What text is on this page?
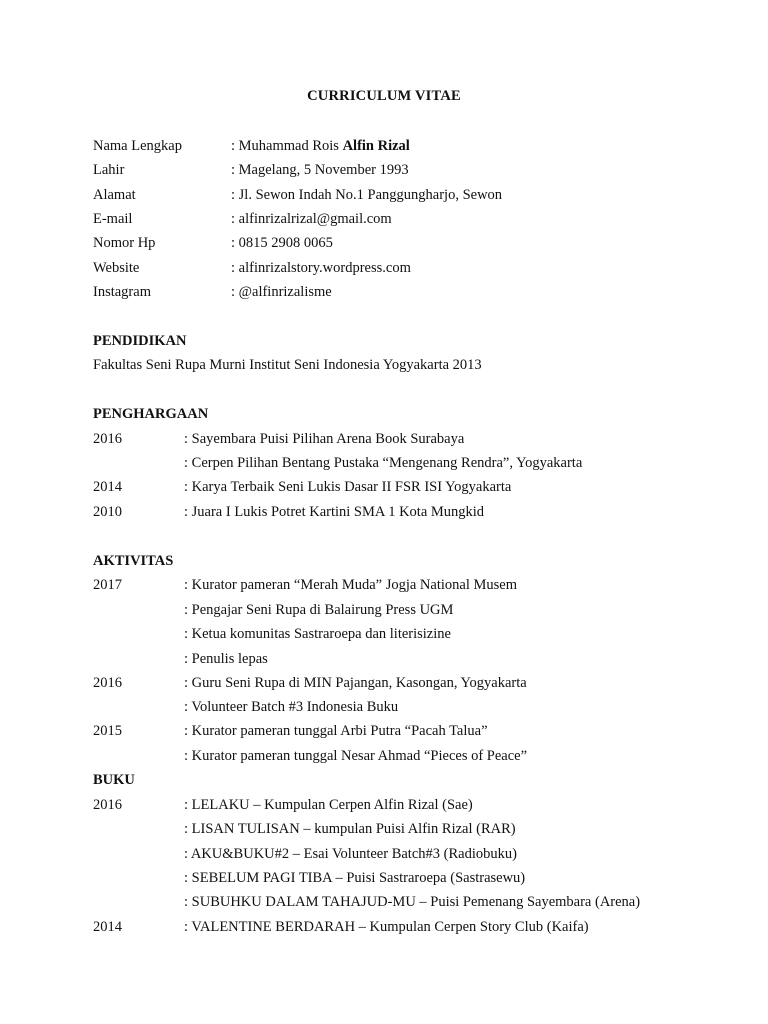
CURRICULUM VITAE
Nama Lengkap	: Muhammad Rois Alfin Rizal
Lahir	: Magelang, 5 November 1993
Alamat	: Jl. Sewon Indah No.1 Panggungharjo, Sewon
E-mail	: alfinrizalrizal@gmail.com
Nomor Hp	: 0815 2908 0065
Website	: alfinrizalstory.wordpress.com
Instagram	: @alfinrizalisme
PENDIDIKAN
Fakultas Seni Rupa Murni Institut Seni Indonesia Yogyakarta 2013
PENGHARGAAN
2016	: Sayembara Puisi Pilihan Arena Book Surabaya
: Cerpen Pilihan Bentang Pustaka “Mengenang Rendra”, Yogyakarta
2014	: Karya Terbaik Seni Lukis Dasar II FSR ISI Yogyakarta
2010	: Juara I Lukis Potret Kartini SMA 1 Kota Mungkid
AKTIVITAS
2017	: Kurator pameran “Merah Muda” Jogja National Musem
: Pengajar Seni Rupa di Balairung Press UGM
: Ketua komunitas Sastraroepa dan literisizine
: Penulis lepas
2016	: Guru Seni Rupa di MIN Pajangan, Kasongan, Yogyakarta
: Volunteer Batch #3 Indonesia Buku
2015	: Kurator pameran tunggal Arbi Putra “Pacah Talua”
: Kurator pameran tunggal Nesar Ahmad “Pieces of Peace”
BUKU
2016	: LELAKU – Kumpulan Cerpen Alfin Rizal (Sae)
: LISAN TULISAN – kumpulan Puisi Alfin Rizal (RAR)
: AKU&BUKU#2 – Esai Volunteer Batch#3 (Radiobuku)
: SEBELUM PAGI TIBA – Puisi Sastraroepa (Sastrasewu)
: SUBUHKU DALAM TAHAJUD-MU – Puisi Pemenang Sayembara (Arena)
2014	: VALENTINE BERDARAH – Kumpulan Cerpen Story Club (Kaifa)
